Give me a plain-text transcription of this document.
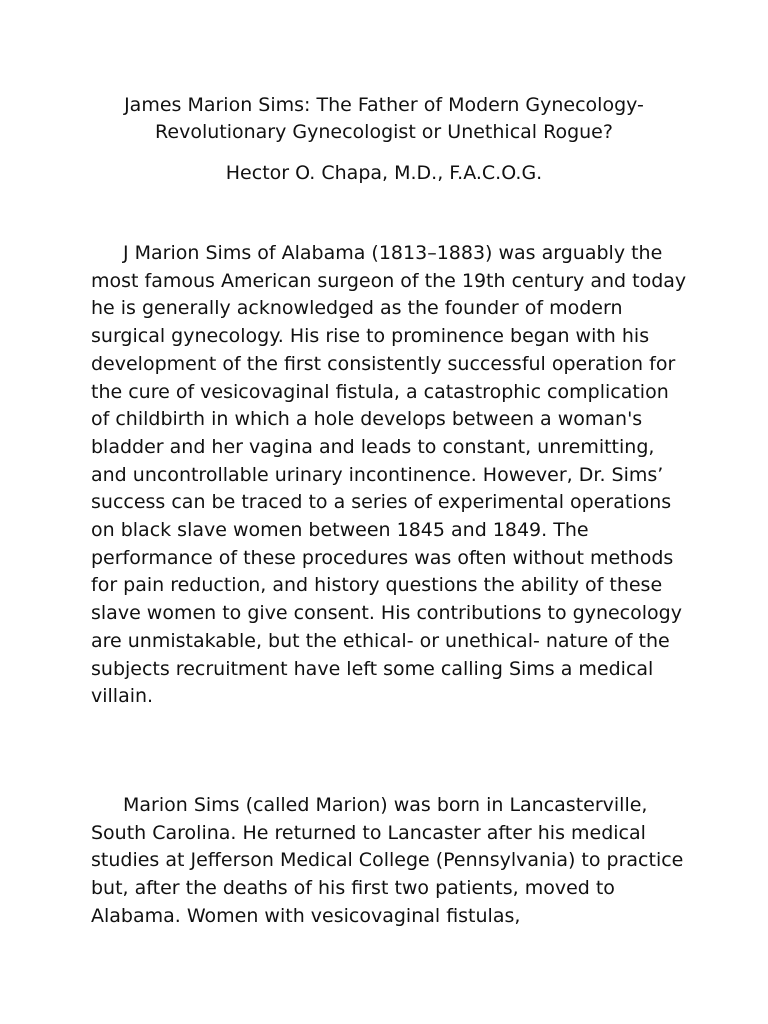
James Marion Sims: The Father of Modern Gynecology- Revolutionary Gynecologist or Unethical Rogue?

Hector O. Chapa, M.D., F.A.C.O.G.

J Marion Sims of Alabama (1813–1883) was arguably the most famous American surgeon of the 19th century and today he is generally acknowledged as the founder of modern surgical gynecology. His rise to prominence began with his development of the first consistently successful operation for the cure of vesicovaginal fistula, a catastrophic complication of childbirth in which a hole develops between a woman's bladder and her vagina and leads to constant, unremitting, and uncontrollable urinary incontinence. However, Dr. Sims’ success can be traced to a series of experimental operations on black slave women between 1845 and 1849. The performance of these procedures was often without methods for pain reduction, and history questions the ability of these slave women to give consent. His contributions to gynecology are unmistakable, but the ethical- or unethical- nature of the subjects recruitment have left some calling Sims a medical villain.

Marion Sims (called Marion) was born in Lancasterville, South Carolina. He returned to Lancaster after his medical studies at Jefferson Medical College (Pennsylvania) to practice but, after the deaths of his first two patients, moved to Alabama. Women with vesicovaginal fistulas,
